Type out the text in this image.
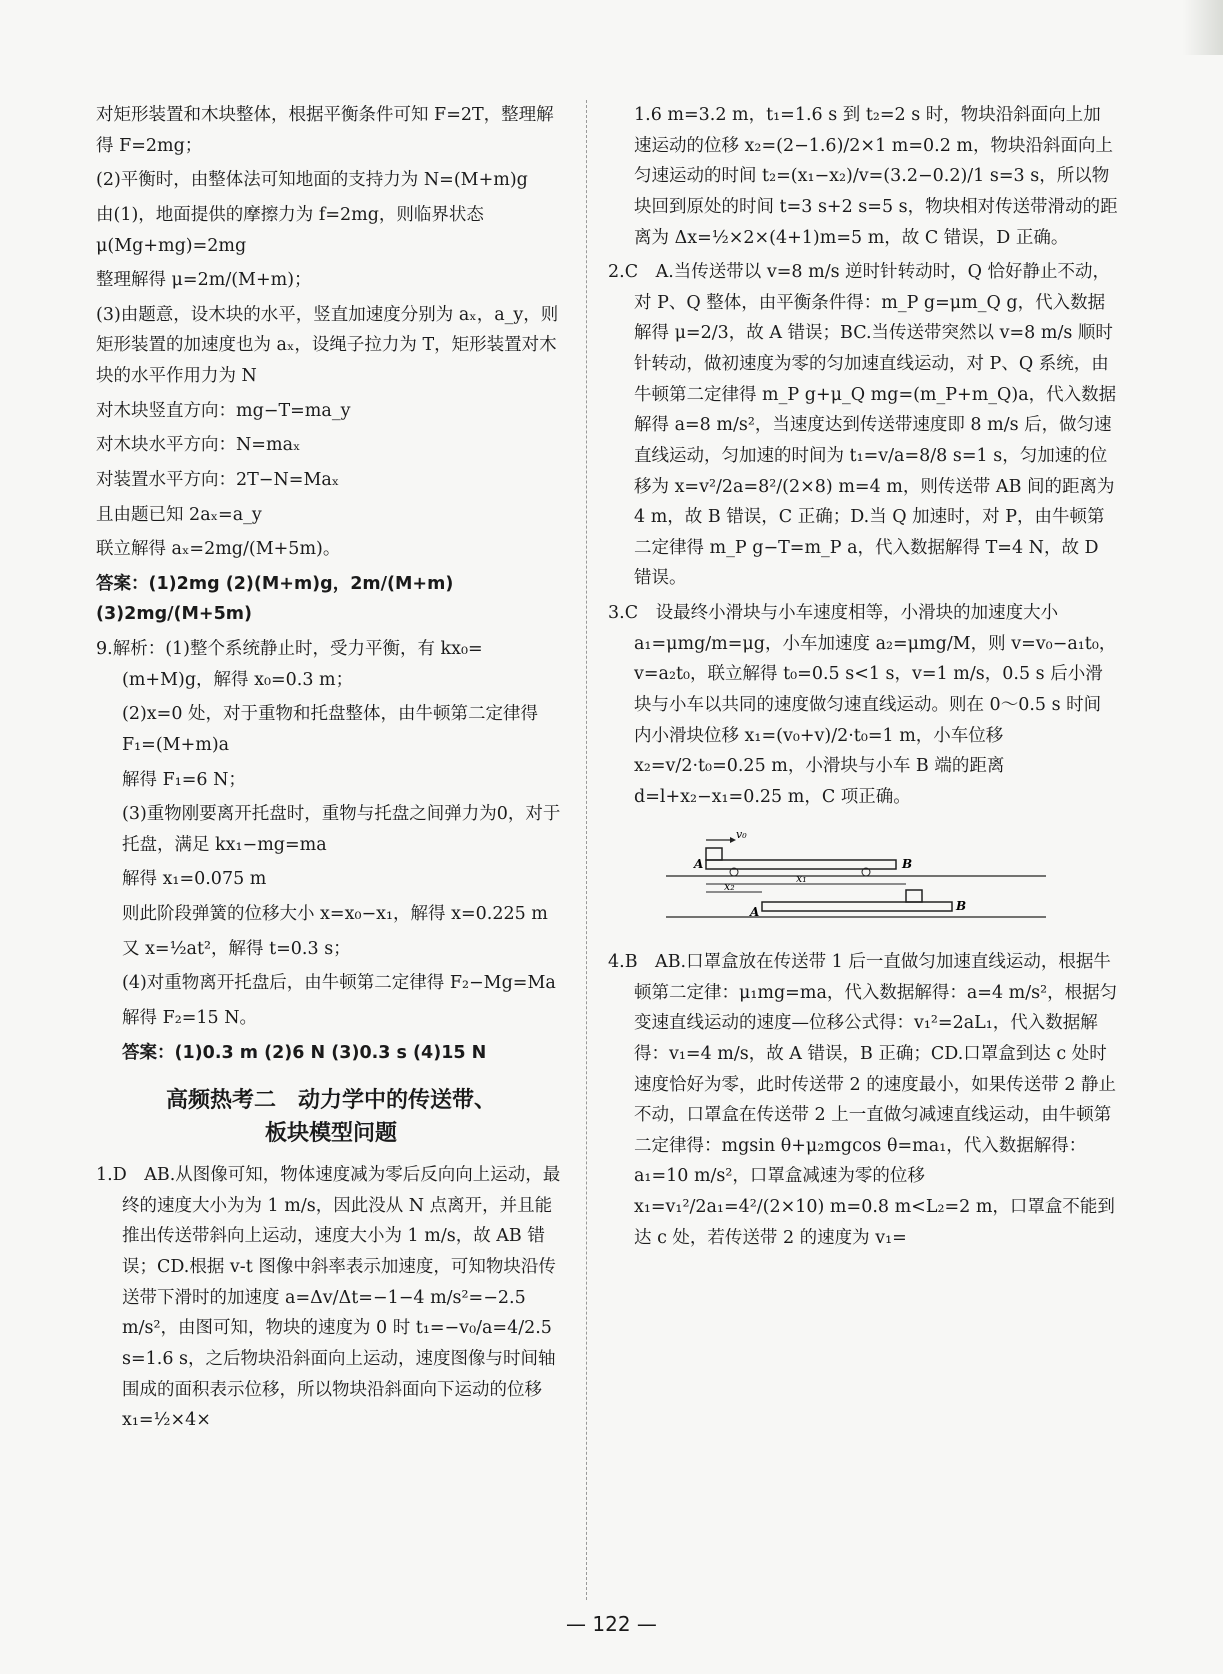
对矩形装置和木块整体，根据平衡条件可知 F=2T，整理解得 F=2mg；
(2)平衡时，由整体法可知地面的支持力为 N=(M+m)g
由(1)，地面提供的摩擦力为 f=2mg，则临界状态 μ(Mg+mg)=2mg
整理解得 μ=2m/(M+m)；
(3)由题意，设木块的水平，竖直加速度分别为 aₓ，a_y，则矩形装置的加速度也为 aₓ，设绳子拉力为 T，矩形装置对木块的水平作用力为 N
对木块竖直方向：mg−T=ma_y
对木块水平方向：N=maₓ
对装置水平方向：2T−N=Maₓ
且由题已知 2aₓ=a_y
联立解得 aₓ=2mg/(M+5m)。
答案：(1)2mg (2)(M+m)g，2m/(M+m) (3)2mg/(M+5m)
9.解析：(1)整个系统静止时，受力平衡，有 kx₀=(m+M)g，解得 x₀=0.3 m；
(2)x=0 处，对于重物和托盘整体，由牛顿第二定律得 F₁=(M+m)a
解得 F₁=6 N；
(3)重物刚要离开托盘时，重物与托盘之间弹力为0，对于托盘，满足 kx₁−mg=ma
解得 x₁=0.075 m
则此阶段弹簧的位移大小 x=x₀−x₁，解得 x=0.225 m
又 x=½at²，解得 t=0.3 s；
(4)对重物离开托盘后，由牛顿第二定律得 F₂−Mg=Ma
解得 F₂=15 N。
答案：(1)0.3 m (2)6 N (3)0.3 s (4)15 N
高频热考二　动力学中的传送带、
板块模型问题
1.D　AB.从图像可知，物体速度减为零后反向向上运动，最终的速度大小为为 1 m/s，因此没从 N 点离开，并且能推出传送带斜向上运动，速度大小为 1 m/s，故 AB 错误；CD.根据 v-t 图像中斜率表示加速度，可知物块沿传送带下滑时的加速度 a=Δv/Δt=−1−4 m/s²=−2.5 m/s²，由图可知，物块的速度为 0 时 t₁=−v₀/a=4/2.5 s=1.6 s，之后物块沿斜面向上运动，速度图像与时间轴围成的面积表示位移，所以物块沿斜面向下运动的位移 x₁=½×4×
1.6 m=3.2 m，t₁=1.6 s 到 t₂=2 s 时，物块沿斜面向上加速运动的位移 x₂=(2−1.6)/2×1 m=0.2 m，物块沿斜面向上匀速运动的时间 t₂=(x₁−x₂)/v=(3.2−0.2)/1 s=3 s，所以物块回到原处的时间 t=3 s+2 s=5 s，物块相对传送带滑动的距离为 Δx=½×2×(4+1)m=5 m，故 C 错误，D 正确。
2.C　A.当传送带以 v=8 m/s 逆时针转动时，Q 恰好静止不动，对 P、Q 整体，由平衡条件得：m_P g=μm_Q g，代入数据解得 μ=2/3，故 A 错误；BC.当传送带突然以 v=8 m/s 顺时针转动，做初速度为零的匀加速直线运动，对 P、Q 系统，由牛顿第二定律得 m_P g+μ_Q mg=(m_P+m_Q)a，代入数据解得 a=8 m/s²，当速度达到传送带速度即 8 m/s 后，做匀速直线运动，匀加速的时间为 t₁=v/a=8/8 s=1 s，匀加速的位移为 x=v²/2a=8²/(2×8) m=4 m，则传送带 AB 间的距离为 4 m，故 B 错误，C 正确；D.当 Q 加速时，对 P，由牛顿第二定律得 m_P g−T=m_P a，代入数据解得 T=4 N，故 D 错误。
3.C　设最终小滑块与小车速度相等，小滑块的加速度大小 a₁=μmg/m=μg，小车加速度 a₂=μmg/M，则 v=v₀−a₁t₀，v=a₂t₀，联立解得 t₀=0.5 s<1 s，v=1 m/s，0.5 s 后小滑块与小车以共同的速度做匀速直线运动。则在 0～0.5 s 时间内小滑块位移 x₁=(v₀+v)/2·t₀=1 m，小车位移 x₂=v/2·t₀=0.25 m，小滑块与小车 B 端的距离 d=l+x₂−x₁=0.25 m，C 项正确。
v₀
A	B
x₁
x₂
A	B
4.B　AB.口罩盒放在传送带 1 后一直做匀加速直线运动，根据牛顿第二定律：μ₁mg=ma，代入数据解得：a=4 m/s²，根据匀变速直线运动的速度—位移公式得：v₁²=2aL₁，代入数据解得：v₁=4 m/s，故 A 错误，B 正确；CD.口罩盒到达 c 处时速度恰好为零，此时传送带 2 的速度最小，如果传送带 2 静止不动，口罩盒在传送带 2 上一直做匀减速直线运动，由牛顿第二定律得：mgsin θ+μ₂mgcos θ=ma₁，代入数据解得：a₁=10 m/s²，口罩盒减速为零的位移 x₁=v₁²/2a₁=4²/(2×10) m=0.8 m<L₂=2 m，口罩盒不能到达 c 处，若传送带 2 的速度为 v₁=
— 122 —
